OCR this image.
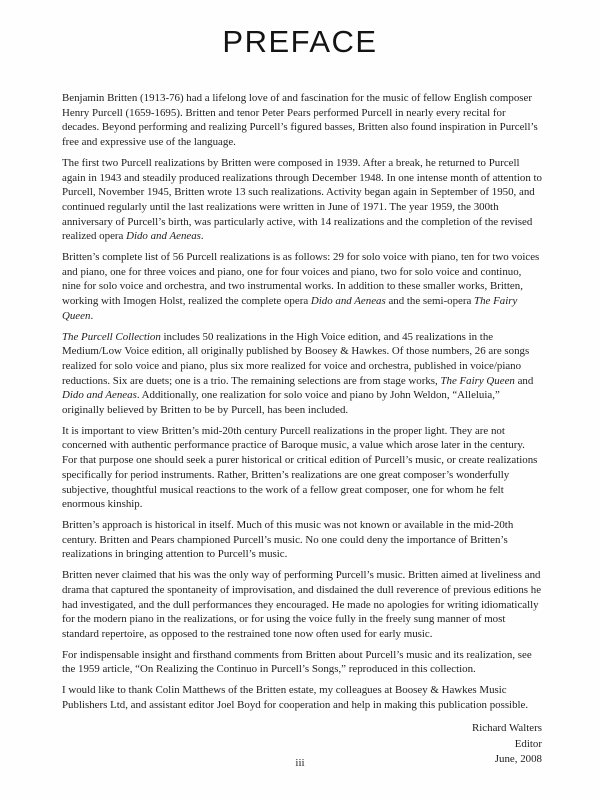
PREFACE

Benjamin Britten (1913-76) had a lifelong love of and fascination for the music of fellow English composer Henry Purcell (1659-1695). Britten and tenor Peter Pears performed Purcell in nearly every recital for decades. Beyond performing and realizing Purcell’s figured basses, Britten also found inspiration in Purcell’s free and expressive use of the language.

The first two Purcell realizations by Britten were composed in 1939. After a break, he returned to Purcell again in 1943 and steadily produced realizations through December 1948. In one intense month of attention to Purcell, November 1945, Britten wrote 13 such realizations. Activity began again in September of 1950, and continued regularly until the last realizations were written in June of 1971. The year 1959, the 300th anniversary of Purcell’s birth, was particularly active, with 14 realizations and the completion of the revised realized opera Dido and Aeneas.

Britten’s complete list of 56 Purcell realizations is as follows: 29 for solo voice with piano, ten for two voices and piano, one for three voices and piano, one for four voices and piano, two for solo voice and continuo, nine for solo voice and orchestra, and two instrumental works. In addition to these smaller works, Britten, working with Imogen Holst, realized the complete opera Dido and Aeneas and the semi-opera The Fairy Queen.

The Purcell Collection includes 50 realizations in the High Voice edition, and 45 realizations in the Medium/Low Voice edition, all originally published by Boosey & Hawkes. Of those numbers, 26 are songs realized for solo voice and piano, plus six more realized for voice and orchestra, published in voice/piano reductions. Six are duets; one is a trio. The remaining selections are from stage works, The Fairy Queen and Dido and Aeneas. Additionally, one realization for solo voice and piano by John Weldon, “Alleluia,” originally believed by Britten to be by Purcell, has been included.

It is important to view Britten’s mid-20th century Purcell realizations in the proper light. They are not concerned with authentic performance practice of Baroque music, a value which arose later in the century. For that purpose one should seek a purer historical or critical edition of Purcell’s music, or create realizations specifically for period instruments. Rather, Britten’s realizations are one great composer’s wonderfully subjective, thoughtful musical reactions to the work of a fellow great composer, one for whom he felt enormous kinship.

Britten’s approach is historical in itself. Much of this music was not known or available in the mid-20th century. Britten and Pears championed Purcell’s music. No one could deny the importance of Britten’s realizations in bringing attention to Purcell’s music.

Britten never claimed that his was the only way of performing Purcell’s music. Britten aimed at liveliness and drama that captured the spontaneity of improvisation, and disdained the dull reverence of previous editions he had investigated, and the dull performances they encouraged. He made no apologies for writing idiomatically for the modern piano in the realizations, or for using the voice fully in the freely sung manner of most standard repertoire, as opposed to the restrained tone now often used for early music.

For indispensable insight and firsthand comments from Britten about Purcell’s music and its realization, see the 1959 article, “On Realizing the Continuo in Purcell’s Songs,” reproduced in this collection.

I would like to thank Colin Matthews of the Britten estate, my colleagues at Boosey & Hawkes Music Publishers Ltd, and assistant editor Joel Boyd for cooperation and help in making this publication possible.

Richard Walters
Editor
June, 2008
iii
